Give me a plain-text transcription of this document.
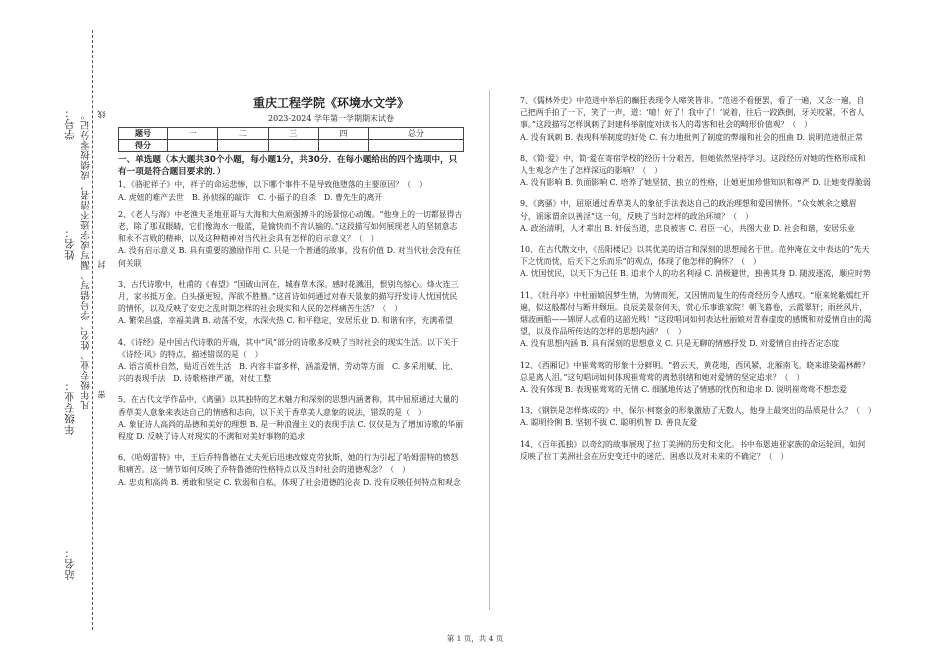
学号：
姓名：
年级专业：
站名：
凡年级专业、姓名、学号错写、漏写或字迹不清者，成绩按零分记。 线
封
密
重庆工程学院《环境水文学》
2023-2024 学年第一学期期末试卷
题号	一	二	三	四	总分
得分					
一、单选题（本大题共30个小题，每小题1分，共30分．在每小题给出的四个选项中，只有一项是符合题目要求的．）

1、《骆驼祥子》中，祥子的命运悲惨，以下哪个事件不是导致他堕落的主要原因？（　）

A. 虎妞的难产去世　B. 孙侦探的敲诈　C. 小福子的自杀　D. 曹先生的离开

2、《老人与海》中老渔夫圣地亚哥与大海和大鱼顽强搏斗的场景惊心动魄。“他身上的一切都显得古老，除了那双眼睛，它们像海水一般蓝，是愉快而不肯认输的。”这段描写如何展现老人的坚韧意志和永不言败的精神，以及这种精神对当代社会具有怎样的启示意义？（　）

A. 没有启示意义 B. 具有重要的激励作用 C. 只是一个普通的故事，没有价值 D. 对当代社会没有任何关联

3、古代诗歌中，杜甫的《春望》“国破山河在，城春草木深。感时花溅泪，恨别鸟惊心。烽火连三月，家书抵万金。白头搔更短，浑欲不胜簪。”这首诗如何通过对春天景象的描写抒发诗人忧国忧民的情怀，以及反映了安史之乱时期怎样的社会现实和人民的怎样痛苦生活？（　）

A. 繁荣昌盛，幸福美满 B. 动荡不安，水深火热 C. 和平稳定，安居乐业 D. 和谐有序，充满希望

4、《诗经》是中国古代诗歌的开端，其中“风”部分的诗歌多反映了当时社会的现实生活。以下关于《诗经·风》的特点，描述错误的是（　）

A. 语言质朴自然，贴近百姓生活　B. 内容丰富多样，涵盖爱情、劳动等方面　C. 多采用赋、比、兴的表现手法　D. 诗歌格律严谨，对仗工整

5、在古代文学作品中，《离骚》以其独特的艺术魅力和深刻的思想内涵著称，其中屈原通过大量的香草美人意象来表达自己的情感和志向，以下关于香草美人意象的说法，错误的是（　）

A. 象征诗人高尚的品德和美好的理想 B. 是一种浪漫主义的表现手法 C. 仅仅是为了增加诗歌的华丽程度 D. 反映了诗人对现实的不满和对美好事物的追求

6、《哈姆雷特》中，王后乔特鲁德在丈夫死后迅速改嫁克劳狄斯，她的行为引起了哈姆雷特的愤怒和痛苦。这一情节如何反映了乔特鲁德的性格特点以及当时社会的道德观念？（　）

A. 忠贞和高尚 B. 勇敢和坚定 C. 软弱和自私，体现了社会道德的沦丧 D. 没有反映任何特点和观念

7、《儒林外史》中范进中举后的癫狂表现令人啼笑皆非。“范进不看便罢，看了一遍，又念一遍，自己把两手拍了一下，笑了一声，道：‘噫！好了！我中了！’说着，往后一跤跌倒，牙关咬紧，不省人事。”这段描写怎样讽刺了封建科举制度对读书人的毒害和社会的畸形价值观？（　）

A. 没有讽刺 B. 表现科举制度的好处 C. 有力地批判了制度的弊端和社会的扭曲 D. 说明范进很正常

8、《简·爱》中，简·爱在寄宿学校的经历十分艰苦，但她依然坚持学习。这段经历对她的性格形成和人生观念产生了怎样深远的影响？（　）

A. 没有影响 B. 负面影响 C. 培养了她坚韧、独立的性格，让她更加珍惜知识和尊严 D. 让她变得脆弱

9、《离骚》中，屈原通过香草美人的象征手法表达自己的政治理想和爱国情怀。“众女嫉余之蛾眉兮，谣诼谓余以善淫”这一句，反映了当时怎样的政治环境？（　）

A. 政治清明，人才辈出 B. 奸佞当道，忠良被害 C. 君臣一心，共图大业 D. 社会和谐，安居乐业

10、在古代散文中，《岳阳楼记》以其优美的语言和深刻的思想闻名于世。范仲淹在文中表达的“先天下之忧而忧，后天下之乐而乐”的观点，体现了他怎样的胸怀？（　）

A. 忧国忧民，以天下为己任 B. 追求个人的功名利禄 C. 消极避世，独善其身 D. 随波逐流，顺应时势

11、《牡丹亭》中杜丽娘因梦生情，为情而死，又因情而复生的传奇经历令人感叹。“原来姹紫嫣红开遍，似这般都付与断井颓垣。良辰美景奈何天，赏心乐事谁家院！朝飞暮卷，云霞翠轩；雨丝风片，烟波画船——锦屏人忒看的这韶光贱！”这段唱词如何表达杜丽娘对青春虚度的感慨和对爱情自由的渴望，以及作品所传达的怎样的思想内涵？（　）

A. 没有思想内涵 B. 具有深刻的思想意义 C. 只是无聊的情感抒发 D. 对爱情自由持否定态度

12、《西厢记》中崔莺莺的形象十分鲜明。“碧云天，黄花地，西风紧，北雁南飞。晓来谁染霜林醉？总是离人泪。”这句唱词如何体现崔莺莺的离愁别绪和她对爱情的坚定追求？（　）

A. 没有体现 B. 表现崔莺莺的无情 C. 细腻地传达了情感的忧伤和追求 D. 说明崔莺莺不想恋爱

13、《钢铁是怎样炼成的》中，保尔·柯察金的形象激励了无数人，他身上最突出的品质是什么？（　）

A. 聪明伶俐 B. 坚韧不拔 C. 聪明机智 D. 善良友爱

14、《百年孤独》以奇幻的故事展现了拉丁美洲的历史和文化。书中布恩迪亚家族的命运轮回，如何反映了拉丁美洲社会在历史变迁中的迷茫、困惑以及对未来的不确定？（　）

第 1 页，共 4 页
